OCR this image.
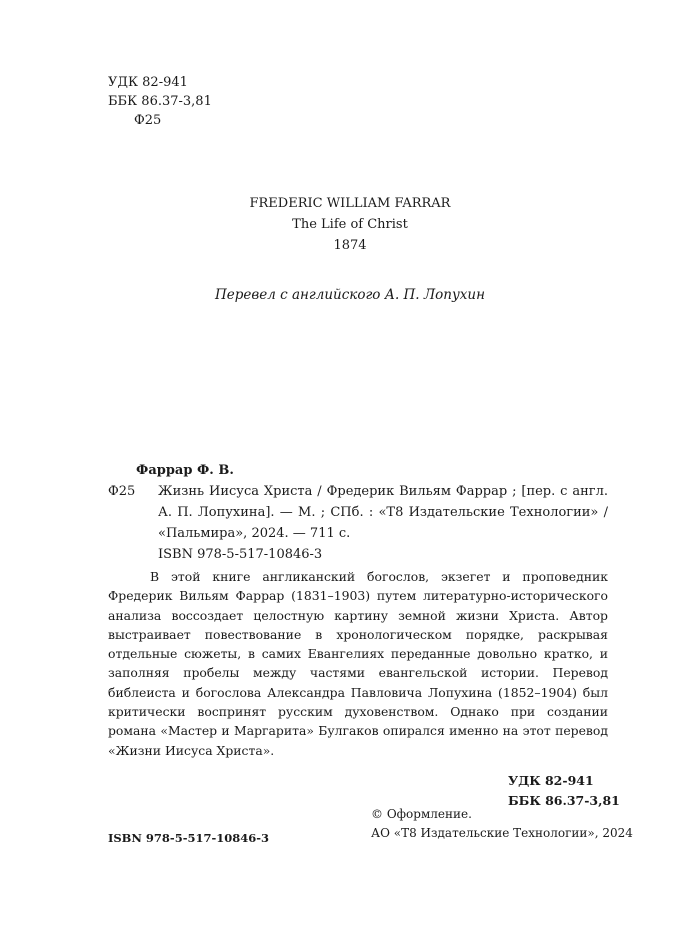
УДК 82-941
ББК 86.37-3,81
Ф25
FREDERIC WILLIAM FARRAR
The Life of Christ
1874
Перевел с английского А. П. Лопухин
Фаррар Ф. В.
Ф25 Жизнь Иисуса Христа / Фредерик Вильям Фаррар ; [пер. с англ. А. П. Лопухина]. — М. ; СПб. : «Т8 Издательские Технологии» / «Пальмира», 2024. — 711 с.
ISBN 978-5-517-10846-3
В этой книге англиканский богослов, экзегет и проповедник Фредерик Вильям Фаррар (1831–1903) путем литературно-исторического анализа воссоздает целостную картину земной жизни Христа. Автор выстраивает повествование в хронологическом порядке, раскрывая отдельные сюжеты, в самих Евангелиях переданные довольно кратко, и заполняя пробелы между частями евангельской истории. Перевод библеиста и богослова Александра Павловича Лопухина (1852–1904) был критически воспринят русским духовенством. Однако при создании романа «Мастер и Маргарита» Булгаков опирался именно на этот перевод «Жизни Иисуса Христа».
УДК 82-941
ББК 86.37-3,81
ISBN 978-5-517-10846-3
© Оформление.
АО «Т8 Издательские Технологии», 2024
